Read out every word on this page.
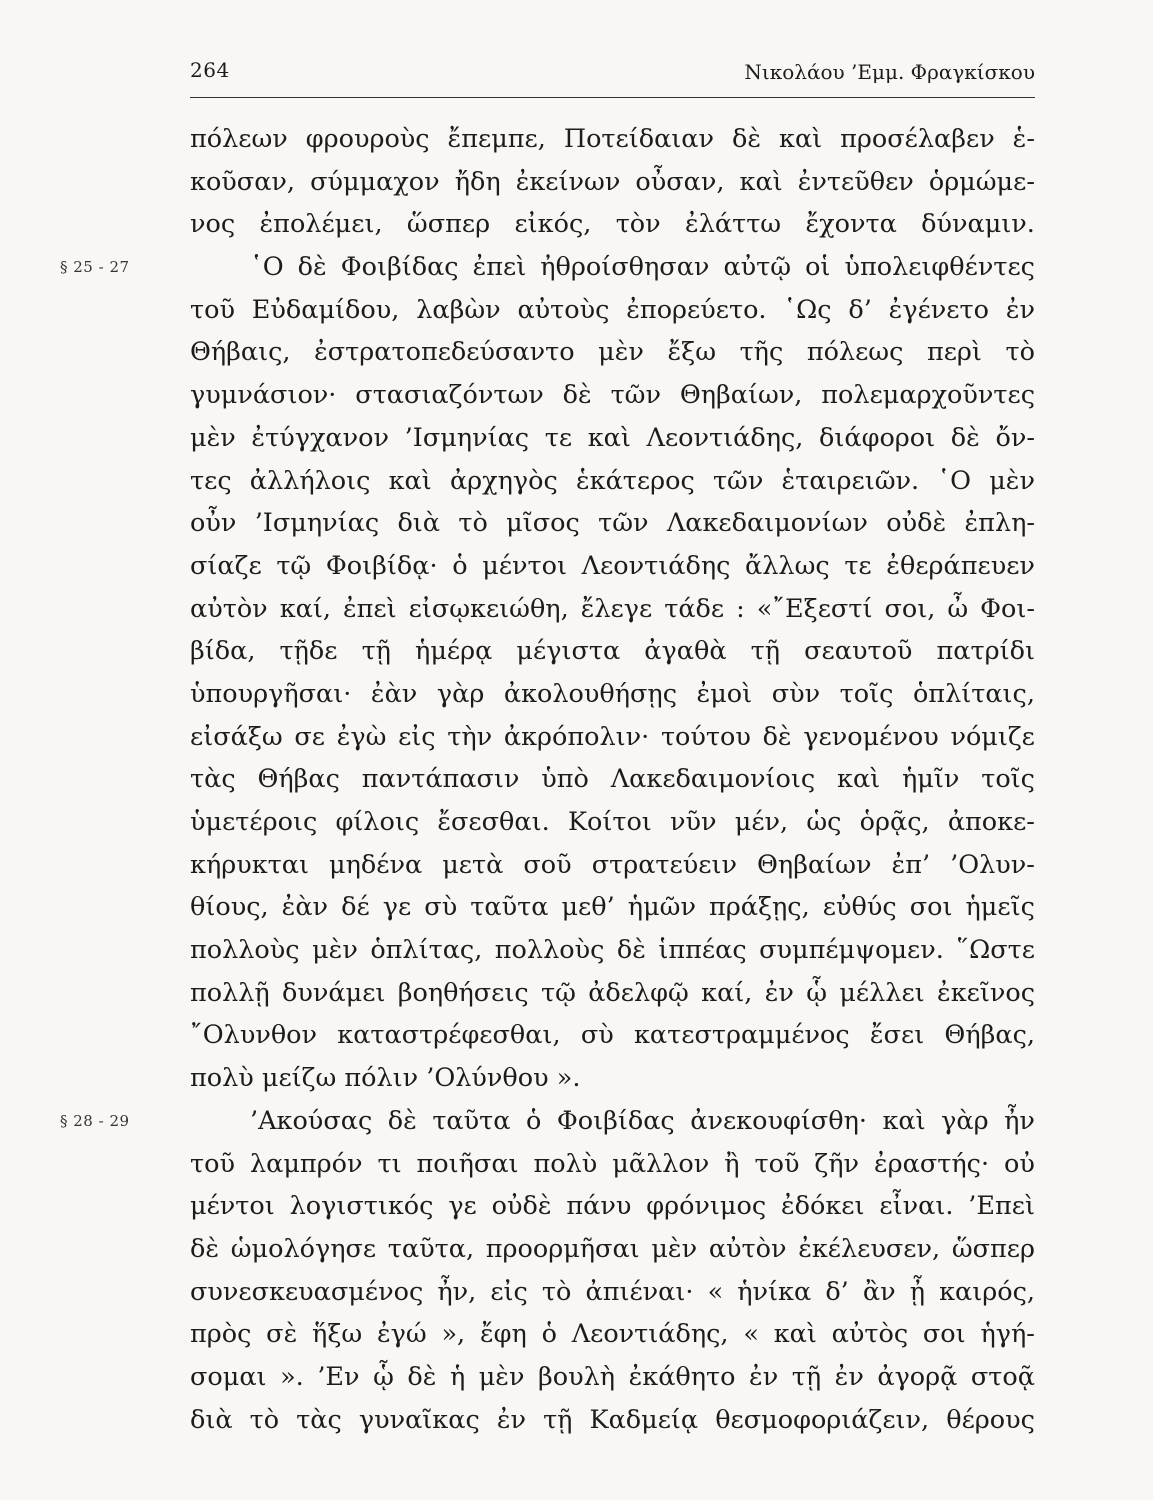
264	Νικολάου ’Εμμ. Φραγκίσκου
πόλεων φρουροὺς ἔπεμπε, Ποτείδαιαν δὲ καὶ προσέλαβεν ἑ-
κοῦσαν, σύμμαχον ἤδη ἐκείνων οὖσαν, καὶ ἐντεῦθεν ὁρμώμε-
νος ἐπολέμει, ὥσπερ εἰκός, τὸν ἐλάττω ἔχοντα δύναμιν.
῾Ο δὲ Φοιβίδας ἐπεὶ ἠθροίσθησαν αὐτῷ οἱ ὑπολειφθέντες
τοῦ Εὐδαμίδου, λαβὼν αὐτοὺς ἐπορεύετο. ῾Ως δ’ ἐγένετο ἐν
Θήβαις, ἐστρατοπεδεύσαντο μὲν ἔξω τῆς πόλεως περὶ τὸ
γυμνάσιον· στασιαζόντων δὲ τῶν Θηβαίων, πολεμαρχοῦντες
μὲν ἐτύγχανον ’Ισμηνίας τε καὶ Λεοντιάδης, διάφοροι δὲ ὄν-
τες ἀλλήλοις καὶ ἀρχηγὸς ἑκάτερος τῶν ἑταιρειῶν. ῾Ο μὲν
οὖν ’Ισμηνίας διὰ τὸ μῖσος τῶν Λακεδαιμονίων οὐδὲ ἐπλη-
σίαζε τῷ Φοιβίδᾳ· ὁ μέντοι Λεοντιάδης ἄλλως τε ἐθεράπευεν
αὐτὸν καί, ἐπεὶ εἰσῳκειώθη, ἔλεγε τάδε : «῎Εξεστί σοι, ὦ Φοι-
βίδα, τῇδε τῇ ἡμέρᾳ μέγιστα ἀγαθὰ τῇ σεαυτοῦ πατρίδι
ὑπουργῆσαι· ἐὰν γὰρ ἀκολουθήσῃς ἐμοὶ σὺν τοῖς ὁπλίταις,
εἰσάξω σε ἐγὼ εἰς τὴν ἀκρόπολιν· τούτου δὲ γενομένου νόμιζε
τὰς Θήβας παντάπασιν ὑπὸ Λακεδαιμονίοις καὶ ἡμῖν τοῖς
ὑμετέροις φίλοις ἔσεσθαι. Κοίτοι νῦν μέν, ὡς ὁρᾷς, ἀποκε-
κήρυκται μηδένα μετὰ σοῦ στρατεύειν Θηβαίων ἐπ’ ’Ολυν-
θίους, ἐὰν δέ γε σὺ ταῦτα μεθ’ ἡμῶν πράξῃς, εὐθύς σοι ἡμεῖς
πολλοὺς μὲν ὁπλίτας, πολλοὺς δὲ ἱππέας συμπέμψομεν. ῞Ωστε
πολλῇ δυνάμει βοηθήσεις τῷ ἀδελφῷ καί, ἐν ᾧ μέλλει ἐκεῖνος
῎Ολυνθον καταστρέφεσθαι, σὺ κατεστραμμένος ἔσει Θήβας,
πολὺ μείζω πόλιν ’Ολύνθου ».
’Ακούσας δὲ ταῦτα ὁ Φοιβίδας ἀνεκουφίσθη· καὶ γὰρ ἦν
τοῦ λαμπρόν τι ποιῆσαι πολὺ μᾶλλον ἢ τοῦ ζῆν ἐραστής· οὐ
μέντοι λογιστικός γε οὐδὲ πάνυ φρόνιμος ἐδόκει εἶναι. ’Επεὶ
δὲ ὡμολόγησε ταῦτα, προορμῆσαι μὲν αὐτὸν ἐκέλευσεν, ὥσπερ
συνεσκευασμένος ἦν, εἰς τὸ ἀπιέναι· « ἡνίκα δ’ ἂν ᾖ καιρός,
πρὸς σὲ ἥξω ἐγώ », ἔφη ὁ Λεοντιάδης, « καὶ αὐτὸς σοι ἡγή-
σομαι ». ’Εν ᾧ δὲ ἡ μὲν βουλὴ ἐκάθητο ἐν τῇ ἐν ἀγορᾷ στοᾷ
διὰ τὸ τὰς γυναῖκας ἐν τῇ Καδμείᾳ θεσμοφοριάζειν, θέρους
§ 25 - 27
§ 28 - 29
